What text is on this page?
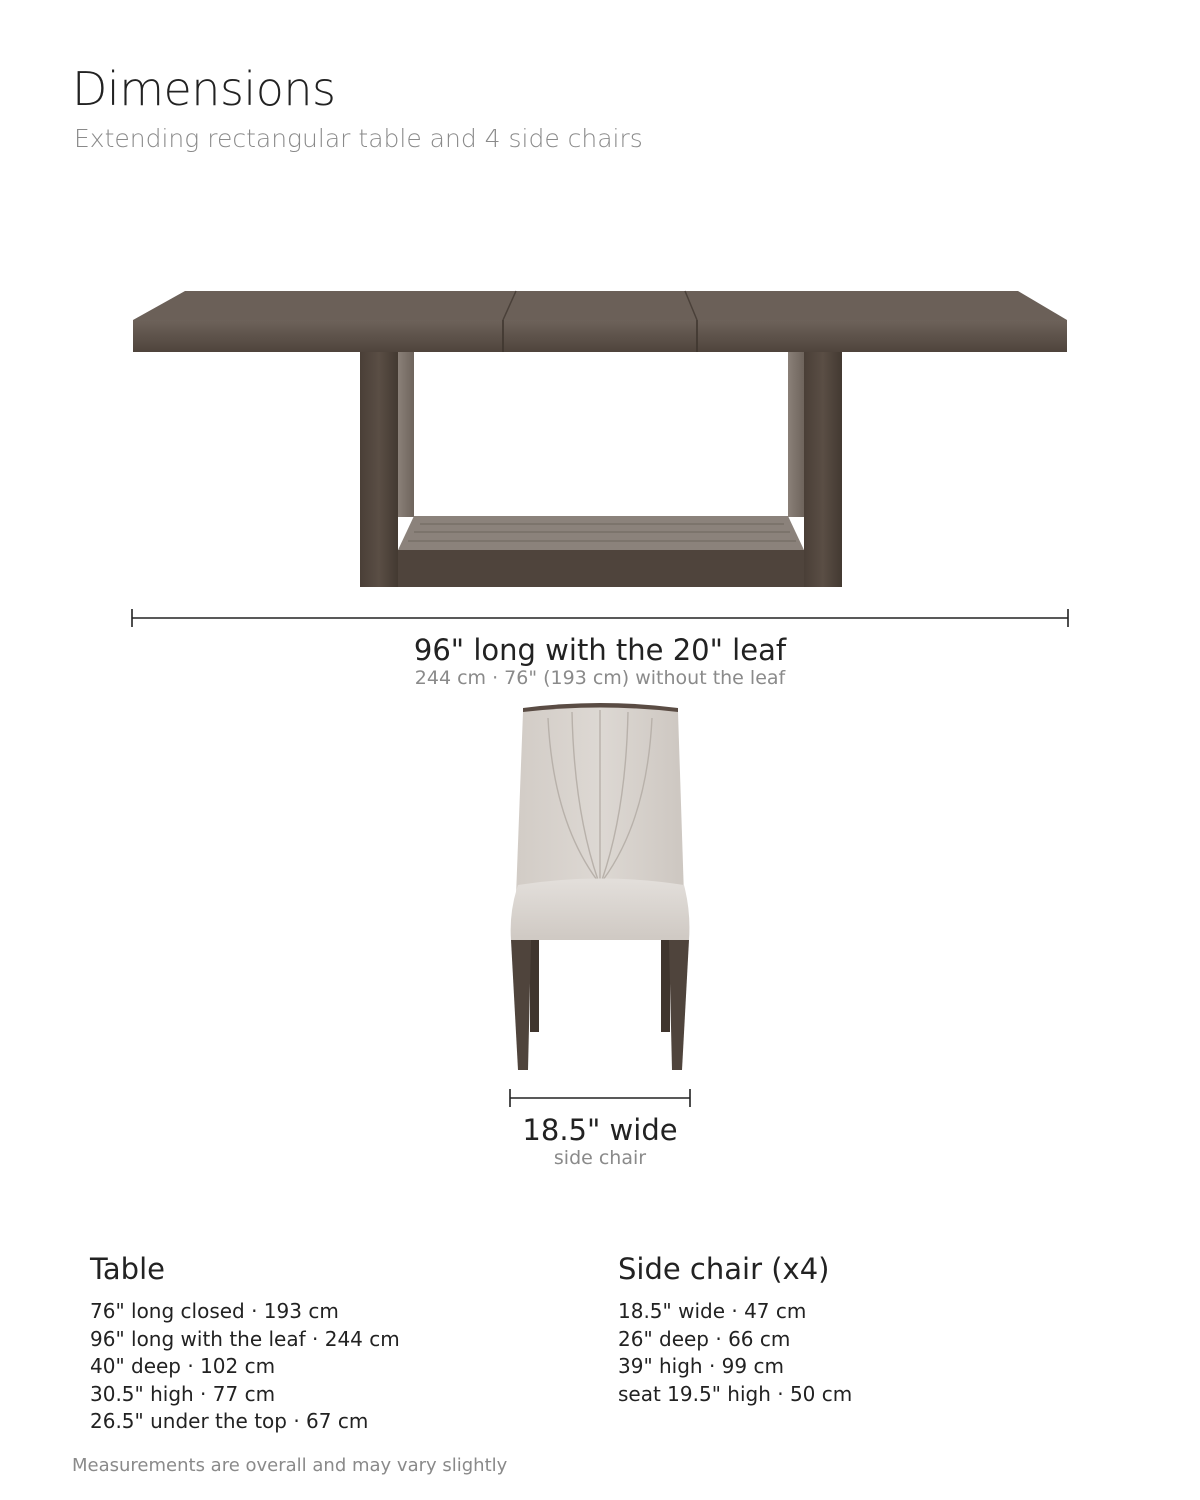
Dimensions
Extending rectangular table and 4 side chairs
96" long with the 20" leaf
244 cm · 76" (193 cm) without the leaf
18.5" wide
side chair
Table
76" long closed · 193 cm
96" long with the leaf · 244 cm
40" deep · 102 cm
30.5" high · 77 cm
26.5" under the top · 67 cm
Side chair (x4)
18.5" wide · 47 cm
26" deep · 66 cm
39" high · 99 cm
seat 19.5" high · 50 cm
Measurements are overall and may vary slightly
